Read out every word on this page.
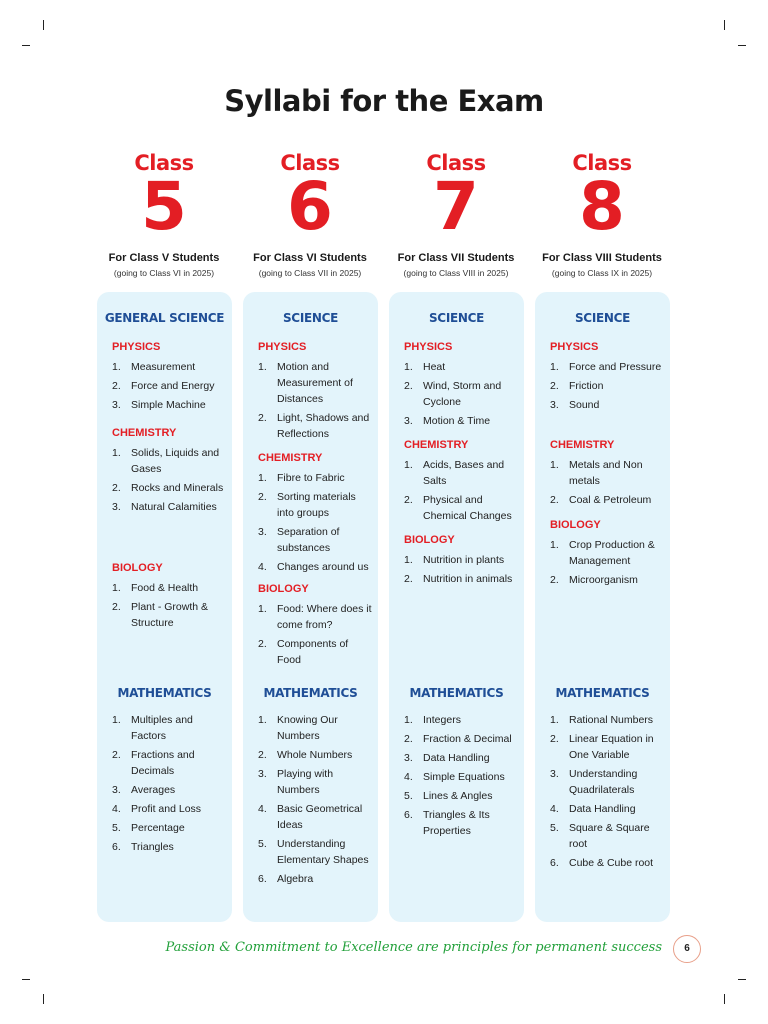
Syllabi for the Exam
Class
5
For Class V Students
(going to Class VI in 2025)
GENERAL SCIENCE
PHYSICS
1. Measurement
2. Force and Energy
3. Simple Machine
CHEMISTRY
1. Solids, Liquids and Gases
2. Rocks and Minerals
3. Natural Calamities
BIOLOGY
1. Food & Health
2. Plant - Growth & Structure
MATHEMATICS
1. Multiples and Factors
2. Fractions and Decimals
3. Averages
4. Profit and Loss
5. Percentage
6. Triangles
Class
6
For Class VI Students
(going to Class VII in 2025)
SCIENCE
PHYSICS
1. Motion and Measurement of Distances
2. Light, Shadows and Reflections
CHEMISTRY
1. Fibre to Fabric
2. Sorting materials into groups
3. Separation of substances
4. Changes around us
BIOLOGY
1. Food: Where does it come from?
2. Components of Food
MATHEMATICS
1. Knowing Our Numbers
2. Whole Numbers
3. Playing with Numbers
4. Basic Geometrical Ideas
5. Understanding Elementary Shapes
6. Algebra
Class
7
For Class VII Students
(going to Class VIII in 2025)
SCIENCE
PHYSICS
1. Heat
2. Wind, Storm and Cyclone
3. Motion & Time
CHEMISTRY
1. Acids, Bases and Salts
2. Physical and Chemical Changes
BIOLOGY
1. Nutrition in plants
2. Nutrition in animals
MATHEMATICS
1. Integers
2. Fraction & Decimal
3. Data Handling
4. Simple Equations
5. Lines & Angles
6. Triangles & Its Properties
Class
8
For Class VIII Students
(going to Class IX in 2025)
SCIENCE
PHYSICS
1. Force and Pressure
2. Friction
3. Sound
CHEMISTRY
1. Metals and Non metals
2. Coal & Petroleum
BIOLOGY
1. Crop Production & Management
2. Microorganism
MATHEMATICS
1. Rational Numbers
2. Linear Equation in One Variable
3. Understanding Quadrilaterals
4. Data Handling
5. Square & Square root
6. Cube & Cube root
Passion & Commitment to Excellence are principles for permanent success	6
